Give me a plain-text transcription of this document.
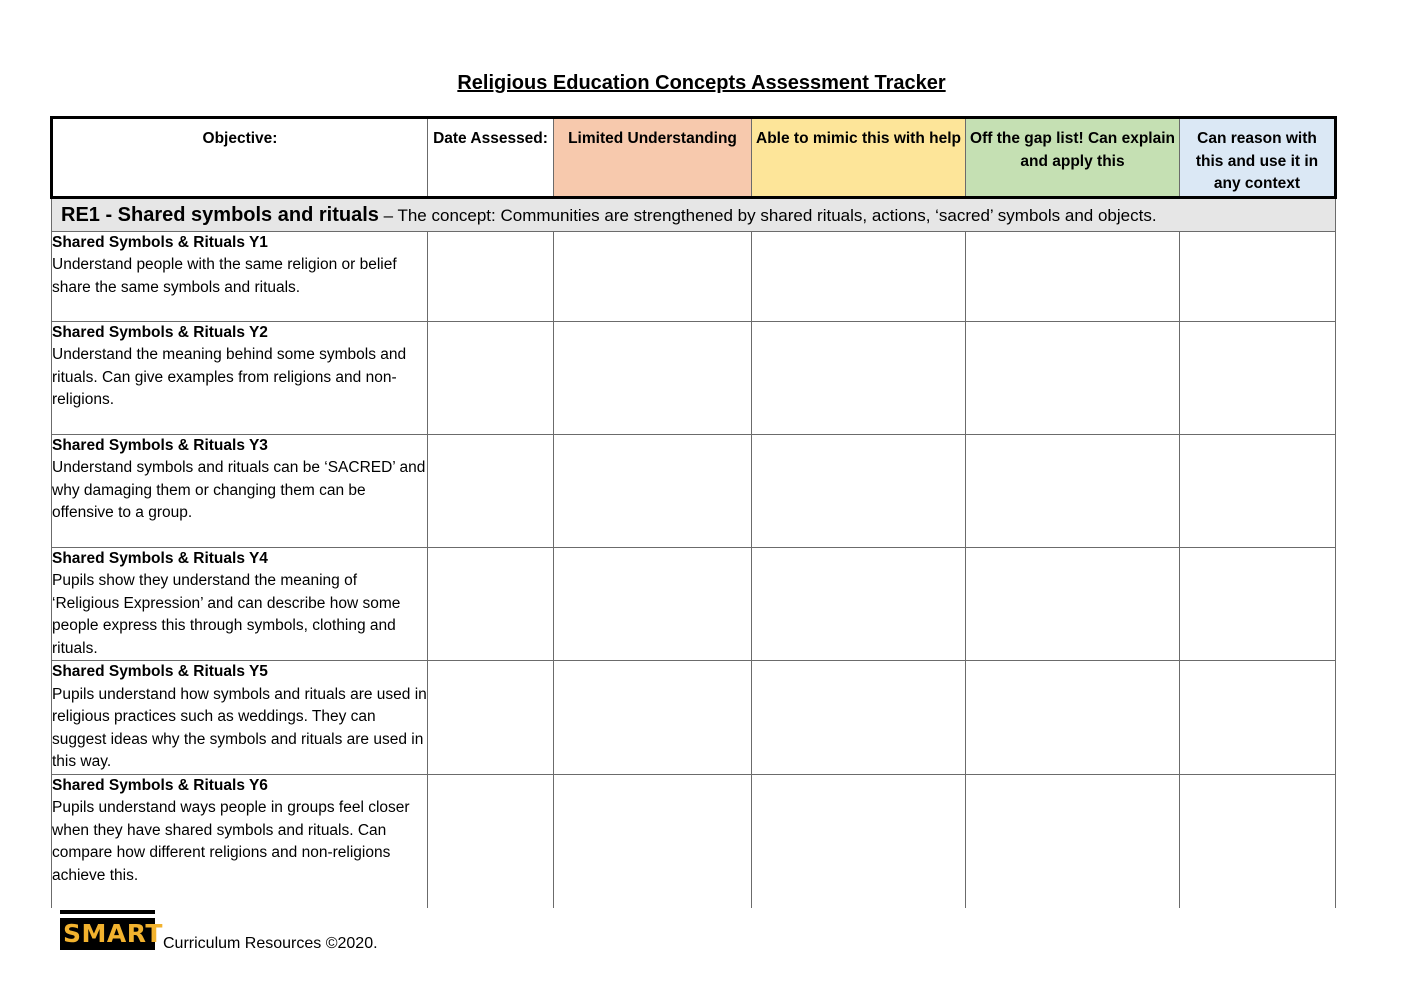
Religious Education Concepts Assessment Tracker
Objective:	Date Assessed:	Limited Understanding	Able to mimic this with help	Off the gap list! Can explain and apply this	Can reason with this and use it in any context
RE1 - Shared symbols and rituals – The concept: Communities are strengthened by shared rituals, actions, ‘sacred’ symbols and objects.					

Shared Symbols & Rituals Y1
Understand people with the same religion or belief share the same symbols and rituals.					

Shared Symbols & Rituals Y2
Understand the meaning behind some symbols and rituals. Can give examples from religions and non-religions.					

Shared Symbols & Rituals Y3
Understand symbols and rituals can be ‘SACRED’ and why damaging them or changing them can be offensive to a group.					

Shared Symbols & Rituals Y4
Pupils show they understand the meaning of ‘Religious Expression’ and can describe how some people express this through symbols, clothing and rituals.					

Shared Symbols & Rituals Y5
Pupils understand how symbols and rituals are used in religious practices such as weddings. They can suggest ideas why the symbols and rituals are used in this way.					

Shared Symbols & Rituals Y6
Pupils understand ways people in groups feel closer when they have shared symbols and rituals. Can compare how different religions and non-religions achieve this.					

SMART Curriculum Resources ©2020.
